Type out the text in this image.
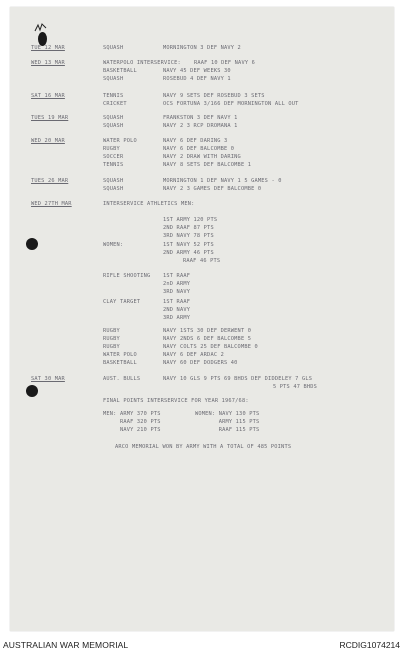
TUE 12 MAR
WED 13 MAR
SAT 16 MAR
TUES 19 MAR
WED 20 MAR
TUES 26 MAR
WED 27TH MAR
SAT 30 MAR
SQUASH
WATERPOLO INTERSERVICE:
BASKETBALL
SQUASH
TENNIS
CRICKET
SQUASH
SQUASH
WATER POLO
RUGBY
SOCCER
TENNIS
SQUASH
SQUASH
INTERSERVICE ATHLETICS MEN:
WOMEN:
RIFLE SHOOTING
CLAY TARGET
RUGBY
RUGBY
RUGBY
WATER POLO
BASKETBALL
AUST. BULLS
FINAL POINTS INTERSERVICE FOR YEAR 1967/68:
MEN: ARMY 370 PTS
RAAF 320 PTS
NAVY 210 PTS
ARCO MEMORIAL WON BY ARMY WITH A TOTAL OF 485 POINTS
MORNINGTON 3 DEF NAVY 2
RAAF 10 DEF NAVY 6
NAVY 45 DEF WEEKS 30
ROSEBUD 4 DEF NAVY 1
NAVY 9 SETS DEF ROSEBUD 3 SETS
OCS FORTUNA 3/166 DEF MORNINGTON ALL OUT
FRANKSTON 3 DEF NAVY 1
NAVY 2 3 RCP DROMANA 1
NAVY 6 DEF DARING 3
NAVY 6 DEF BALCOMBE 0
NAVY 2 DRAW WITH DARING
NAVY 8 SETS DEF BALCOMBE 1
MORNINGTON 1 DEF NAVY 1 5 GAMES - 0
NAVY 2 3 GAMES DEF BALCOMBE 0
1ST ARMY 120 PTS
2ND RAAF 87 PTS
3RD NAVY 78 PTS
1ST NAVY 52 PTS
2ND ARMY 46 PTS
RAAF 46 PTS
1ST RAAF
2nD ARMY
3RD NAVY
1ST RAAF
2ND NAVY
3RD ARMY
NAVY 1STS 30 DEF DERWENT 0
NAVY 2NDS 6 DEF BALCOMBE 5
NAVY COLTS 25 DEF BALCOMBE 0
NAVY 6 DEF ARDAC 2
NAVY 60 DEF DODGERS 40
NAVY 10 GLS 9 PTS 69 BHDS DEF DIDDELEY 7 GLS
5 PTS 47 BHDS
WOMEN: NAVY 130 PTS
ARMY 115 PTS
RAAF 115 PTS
AUSTRALIAN WAR MEMORIAL	RCDIG1074214
